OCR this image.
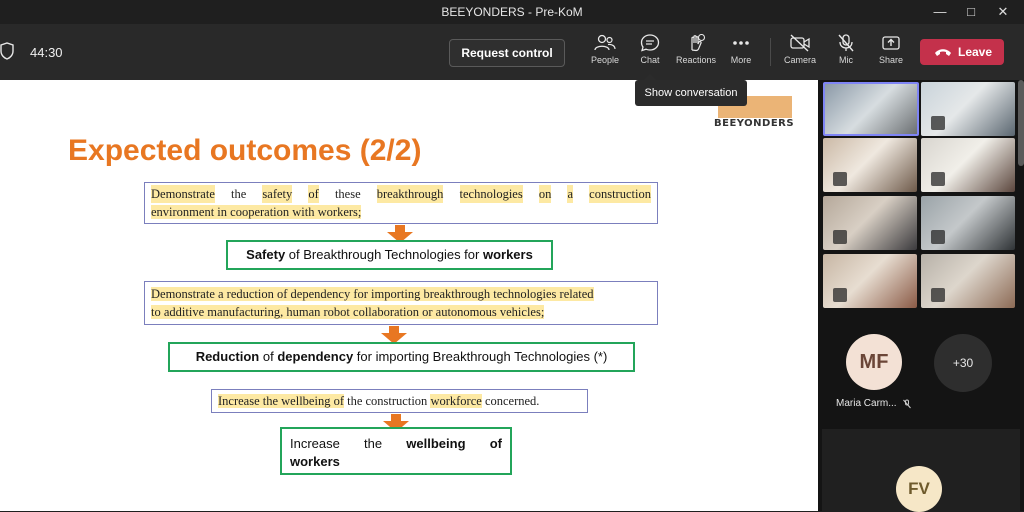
BEEYONDERS - Pre-KoM	—	□	✕
44:30	Request control	People	Chat	Reactions	More	Camera	Mic	Share
Leave
BEEYONDERS
Expected outcomes (2/2)
Demonstrate the safety of these breakthrough technologies on a construction
environment in cooperation with workers;
Safety of Breakthrough Technologies for workers
Demonstrate a reduction of dependency for importing breakthrough technologies related
to additive manufacturing, human robot collaboration or autonomous vehicles;
Reduction of dependency for importing Breakthrough Technologies (*)
Increase the wellbeing of the construction workforce concerned.
Increase the wellbeing of
workers
Show conversation
MF
Maria Carm...
+30
FV
